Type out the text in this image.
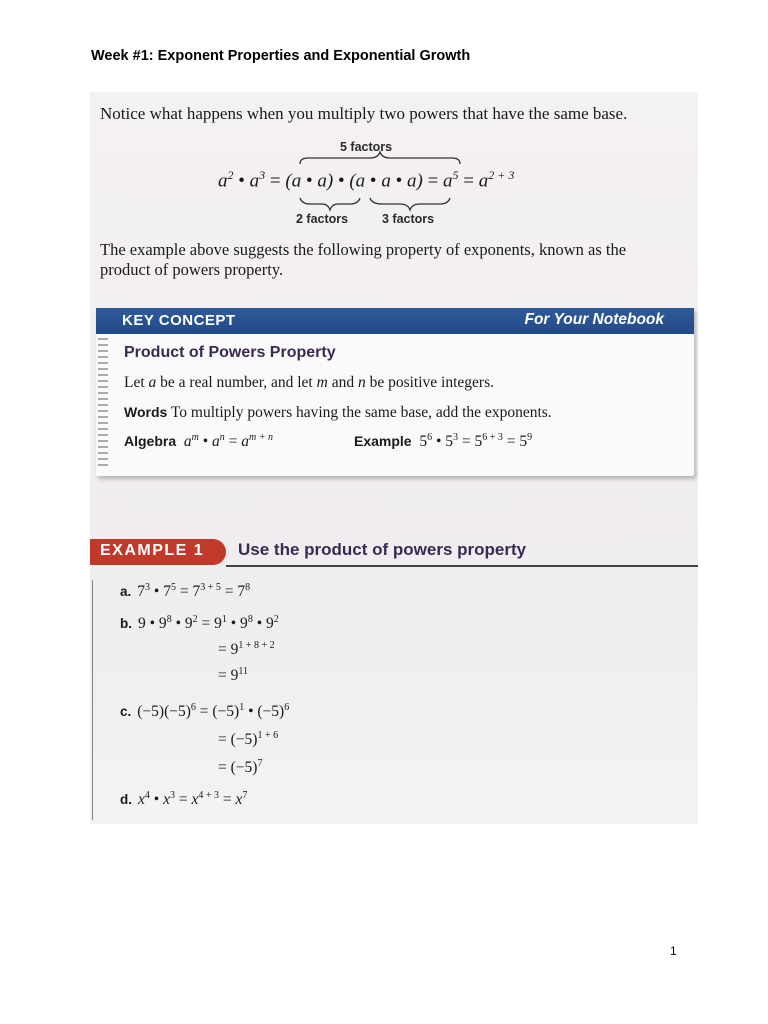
Week #1: Exponent Properties and Exponential Growth
Notice what happens when you multiply two powers that have the same base.
5 factors
$a^2$ • $a^3 = (a$ • a) • (a • a • $a) = a^5 = a^{2 + 3}$
2 factors	3 factors
The example above suggests the following property of exponents, known as the product of powers property.
KEY CONCEPT	For Your Notebook
Product of Powers Property
Let a be a real number, and let m and n be positive integers.
Words To multiply powers having the same base, add the exponents.
Algebra $a^m$ • $a^n = a^{m + n}$	Example  $5^6$ • $5^3 = 5^{6 + 3} = 5^9$
EXAMPLE 1 Use the product of powers property
a. $7^3$ • $7^5 = 7^{3 + 5} = 7^8$
b. 9 • $9^8$ • $9^2 = 9^1$ • $9^8$ • $9^2$
= $9^{1 + 8 + 2}$
= $9^{11}$
c. $(-5)(-5)^6 = (-5)^1$ • $(-5)^6$
= $(-5)^{1 + 6}$
= $(-5)^7$
d. $x^4$ • $x^3 = x^{4 + 3} = x^7$
1
